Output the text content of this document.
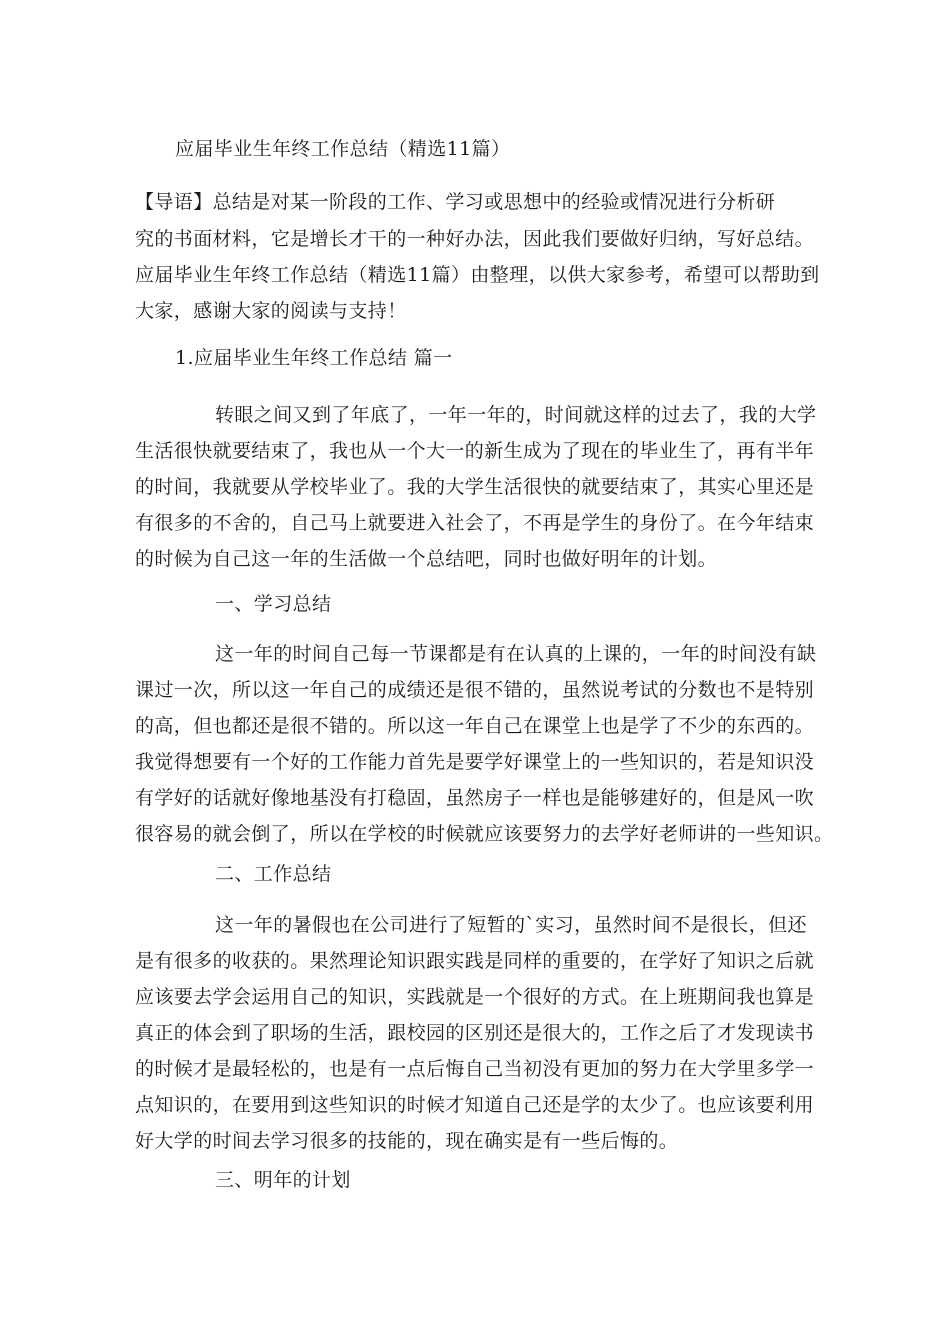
应届毕业生年终工作总结（精选11篇）
【导语】总结是对某一阶段的工作、学习或思想中的经验或情况进行分析研
究的书面材料，它是增长才干的一种好办法，因此我们要做好归纳，写好总结。
应届毕业生年终工作总结（精选11篇）由整理，以供大家参考，希望可以帮助到
大家，感谢大家的阅读与支持！
1.应届毕业生年终工作总结 篇一
转眼之间又到了年底了，一年一年的，时间就这样的过去了，我的大学
生活很快就要结束了，我也从一个大一的新生成为了现在的毕业生了，再有半年
的时间，我就要从学校毕业了。我的大学生活很快的就要结束了，其实心里还是
有很多的不舍的，自己马上就要进入社会了，不再是学生的身份了。在今年结束
的时候为自己这一年的生活做一个总结吧，同时也做好明年的计划。
一、学习总结
这一年的时间自己每一节课都是有在认真的上课的，一年的时间没有缺
课过一次，所以这一年自己的成绩还是很不错的，虽然说考试的分数也不是特别
的高，但也都还是很不错的。所以这一年自己在课堂上也是学了不少的东西的。
我觉得想要有一个好的工作能力首先是要学好课堂上的一些知识的，若是知识没
有学好的话就好像地基没有打稳固，虽然房子一样也是能够建好的，但是风一吹
很容易的就会倒了，所以在学校的时候就应该要努力的去学好老师讲的一些知识。
二、工作总结
这一年的暑假也在公司进行了短暂的`实习，虽然时间不是很长，但还
是有很多的收获的。果然理论知识跟实践是同样的重要的，在学好了知识之后就
应该要去学会运用自己的知识，实践就是一个很好的方式。在上班期间我也算是
真正的体会到了职场的生活，跟校园的区别还是很大的，工作之后了才发现读书
的时候才是最轻松的，也是有一点后悔自己当初没有更加的努力在大学里多学一
点知识的，在要用到这些知识的时候才知道自己还是学的太少了。也应该要利用
好大学的时间去学习很多的技能的，现在确实是有一些后悔的。
三、明年的计划
